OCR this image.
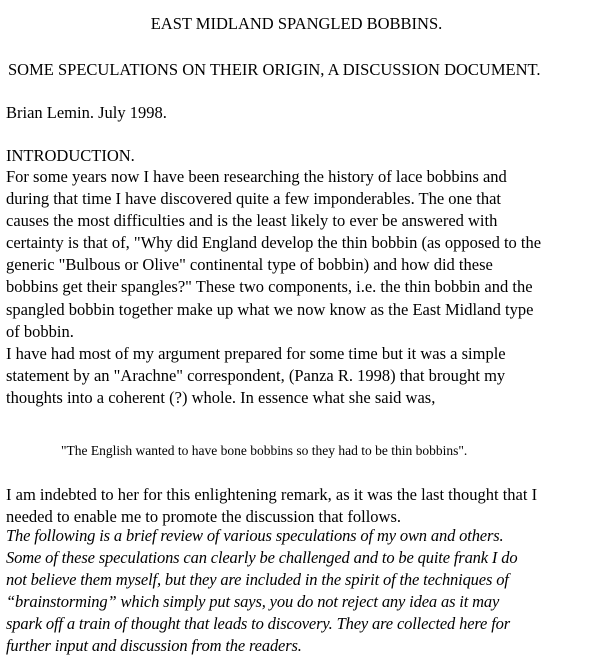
EAST MIDLAND SPANGLED BOBBINS.
SOME SPECULATIONS ON THEIR ORIGIN, A DISCUSSION DOCUMENT.
Brian Lemin. July 1998.
INTRODUCTION.
For some years now I have been researching the history of lace bobbins and
during that time I have discovered quite a few imponderables. The one that
causes the most difficulties and is the least likely to ever be answered with
certainty is that of, "Why did England develop the thin bobbin (as opposed to the
generic "Bulbous or Olive" continental type of bobbin) and how did these
bobbins get their spangles?" These two components, i.e. the thin bobbin and the
spangled bobbin together make up what we now know as the East Midland type
of bobbin.
I have had most of my argument prepared for some time but it was a simple
statement by an "Arachne" correspondent, (Panza R. 1998) that brought my
thoughts into a coherent (?) whole. In essence what she said was,
"The English wanted to have bone bobbins so they had to be thin bobbins".
I am indebted to her for this enlightening remark, as it was the last thought that I
needed to enable me to promote the discussion that follows.
The following is a brief review of various speculations of my own and others.
Some of these speculations can clearly be challenged and to be quite frank I do
not believe them myself, but they are included in the spirit of the techniques of
“brainstorming” which simply put says, you do not reject any idea as it may
spark off a train of thought that leads to discovery. They are collected here for
further input and discussion from the readers.
